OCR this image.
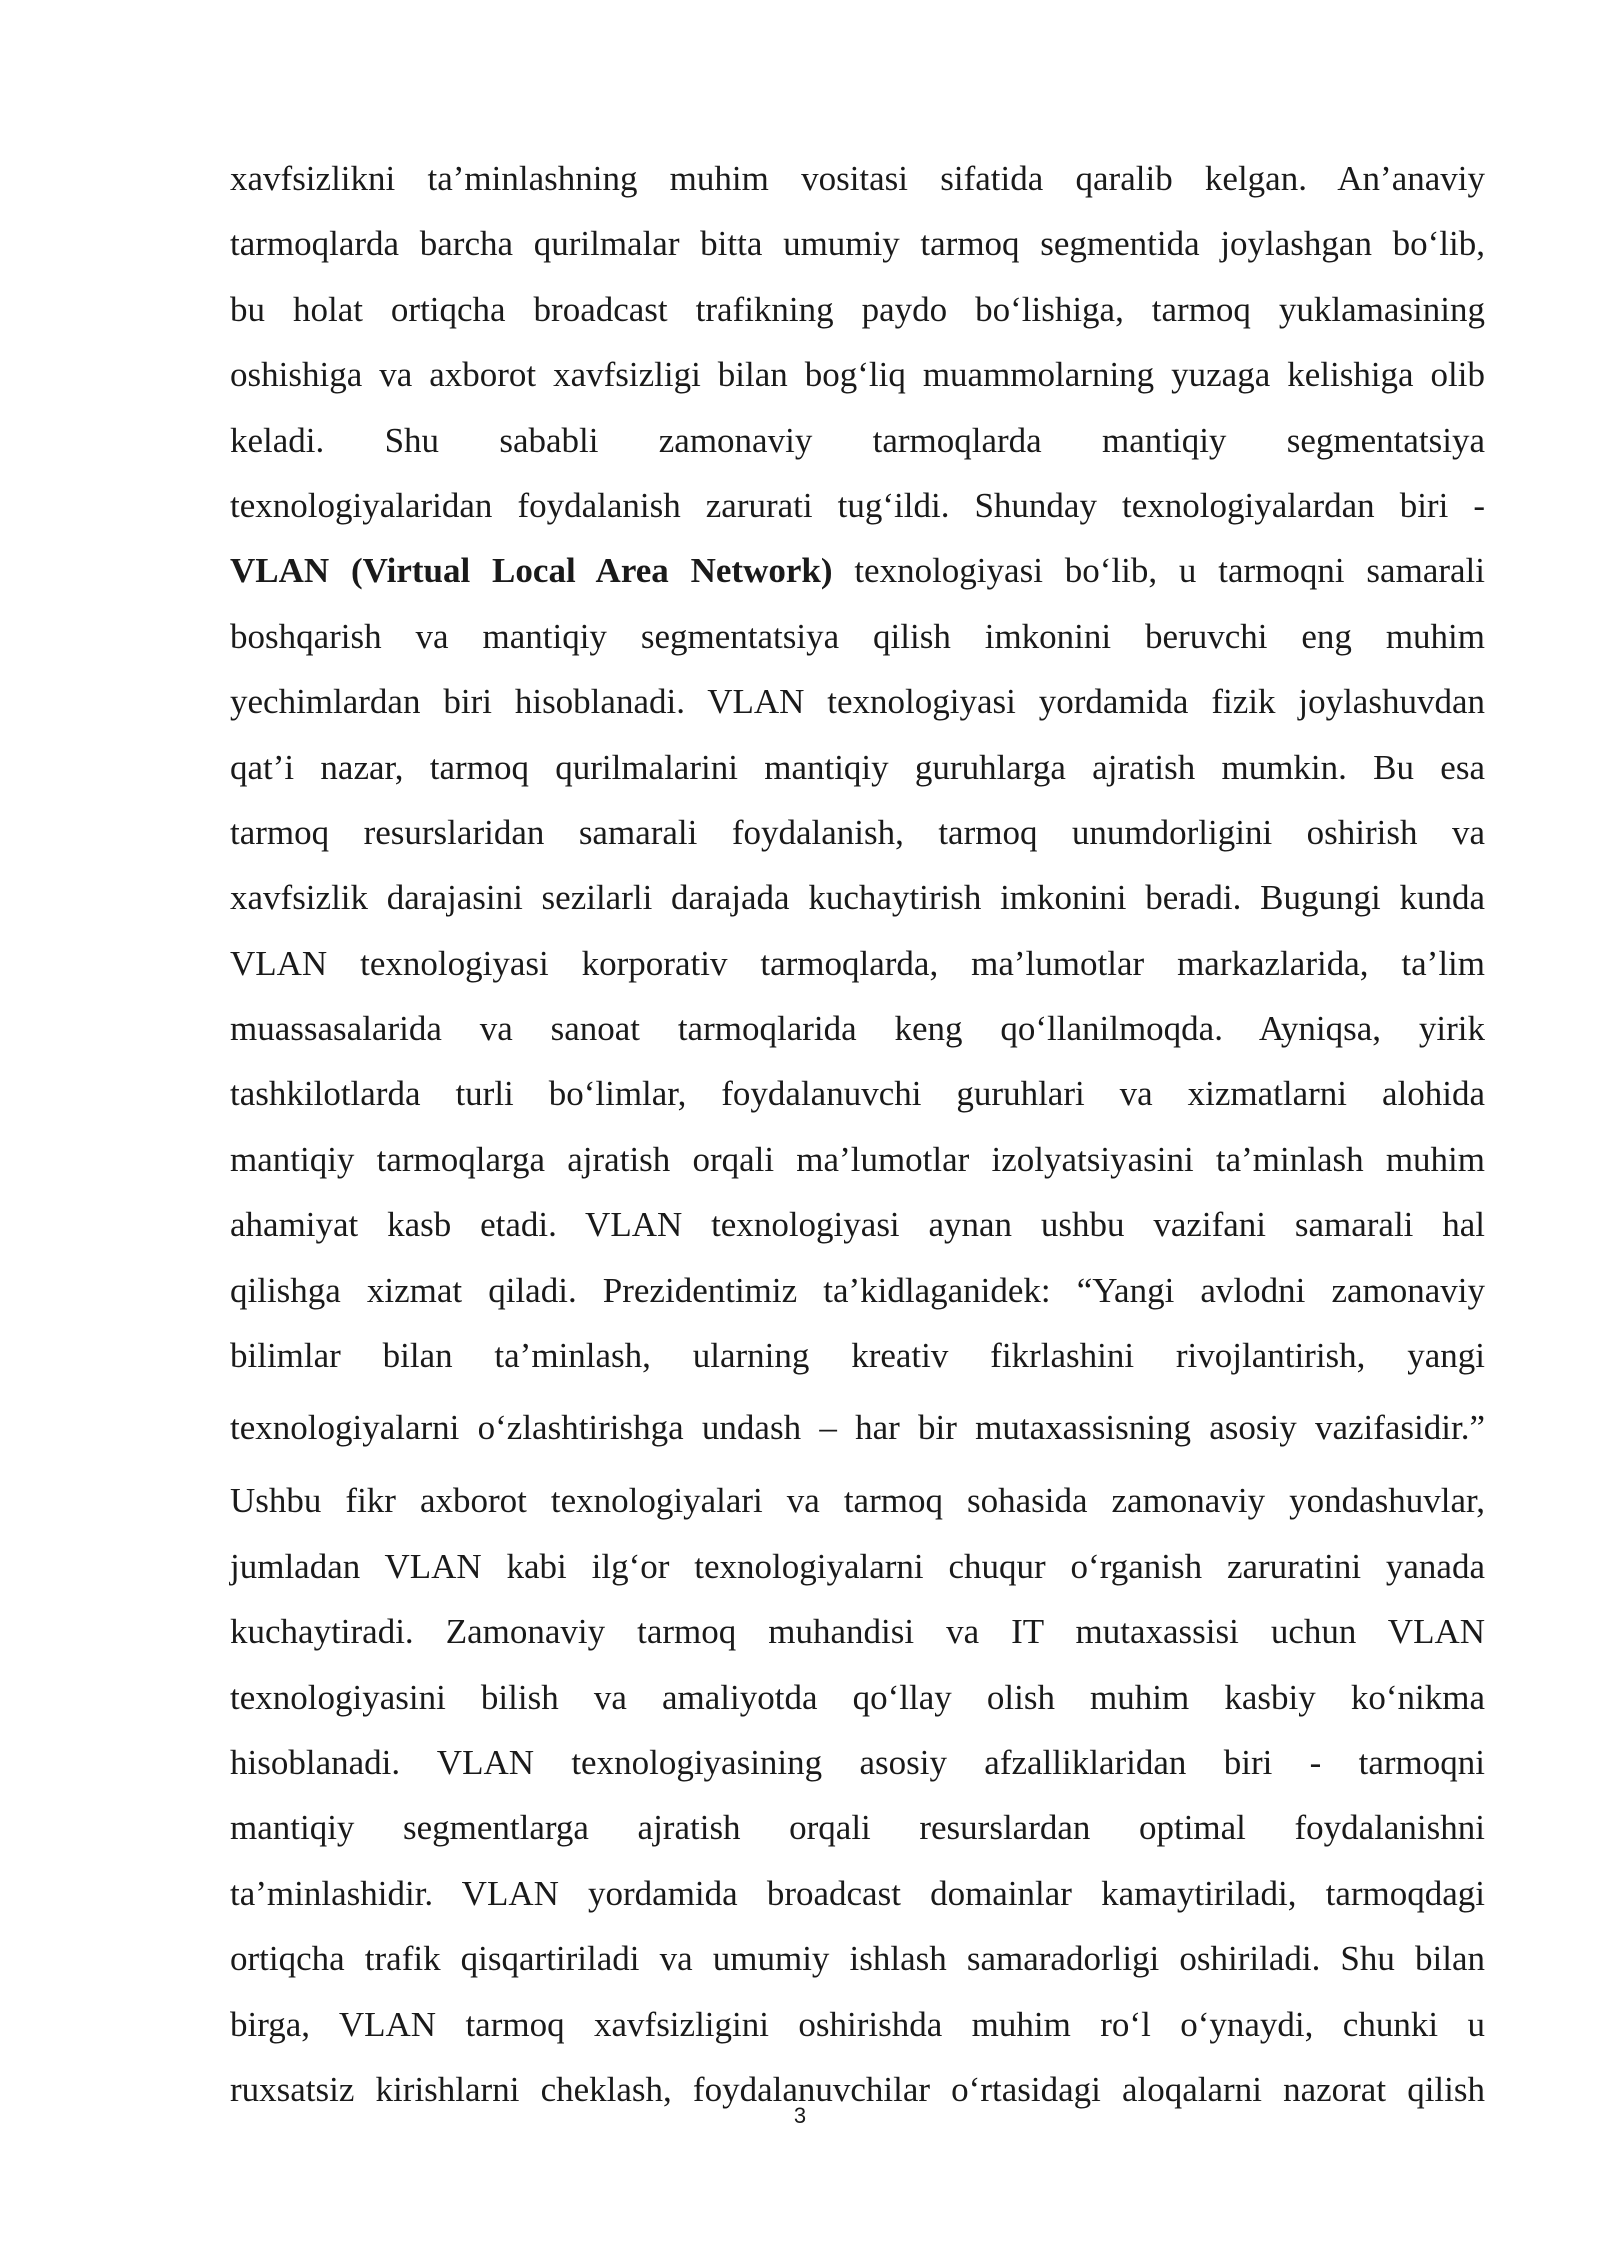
xavfsizlikni ta’minlashning muhim vositasi sifatida qaralib kelgan. An’anaviy
tarmoqlarda barcha qurilmalar bitta umumiy tarmoq segmentida joylashgan bo‘lib,
bu holat ortiqcha broadcast trafikning paydo bo‘lishiga, tarmoq yuklamasining
oshishiga va axborot xavfsizligi bilan bog‘liq muammolarning yuzaga kelishiga olib
keladi. Shu sababli zamonaviy tarmoqlarda mantiqiy segmentatsiya
texnologiyalaridan foydalanish zarurati tug‘ildi. Shunday texnologiyalardan biri -
VLAN (Virtual Local Area Network) texnologiyasi bo‘lib, u tarmoqni samarali
boshqarish va mantiqiy segmentatsiya qilish imkonini beruvchi eng muhim
yechimlardan biri hisoblanadi. VLAN texnologiyasi yordamida fizik joylashuvdan
qat’i nazar, tarmoq qurilmalarini mantiqiy guruhlarga ajratish mumkin. Bu esa
tarmoq resurslaridan samarali foydalanish, tarmoq unumdorligini oshirish va
xavfsizlik darajasini sezilarli darajada kuchaytirish imkonini beradi. Bugungi kunda
VLAN texnologiyasi korporativ tarmoqlarda, ma’lumotlar markazlarida, ta’lim
muassasalarida va sanoat tarmoqlarida keng qo‘llanilmoqda. Ayniqsa, yirik
tashkilotlarda turli bo‘limlar, foydalanuvchi guruhlari va xizmatlarni alohida
mantiqiy tarmoqlarga ajratish orqali ma’lumotlar izolyatsiyasini ta’minlash muhim
ahamiyat kasb etadi. VLAN texnologiyasi aynan ushbu vazifani samarali hal
qilishga xizmat qiladi. Prezidentimiz ta’kidlaganidek: “Yangi avlodni zamonaviy
bilimlar bilan ta’minlash, ularning kreativ fikrlashini rivojlantirish, yangi
texnologiyalarni o‘zlashtirishga undash – har bir mutaxassisning asosiy vazifasidir.”
Ushbu fikr axborot texnologiyalari va tarmoq sohasida zamonaviy yondashuvlar,
jumladan VLAN kabi ilg‘or texnologiyalarni chuqur o‘rganish zaruratini yanada
kuchaytiradi. Zamonaviy tarmoq muhandisi va IT mutaxassisi uchun VLAN
texnologiyasini bilish va amaliyotda qo‘llay olish muhim kasbiy ko‘nikma
hisoblanadi. VLAN texnologiyasining asosiy afzalliklaridan biri - tarmoqni
mantiqiy segmentlarga ajratish orqali resurslardan optimal foydalanishni
ta’minlashidir. VLAN yordamida broadcast domainlar kamaytiriladi, tarmoqdagi
ortiqcha trafik qisqartiriladi va umumiy ishlash samaradorligi oshiriladi. Shu bilan
birga, VLAN tarmoq xavfsizligini oshirishda muhim ro‘l o‘ynaydi, chunki u
ruxsatsiz kirishlarni cheklash, foydalanuvchilar o‘rtasidagi aloqalarni nazorat qilish
3
